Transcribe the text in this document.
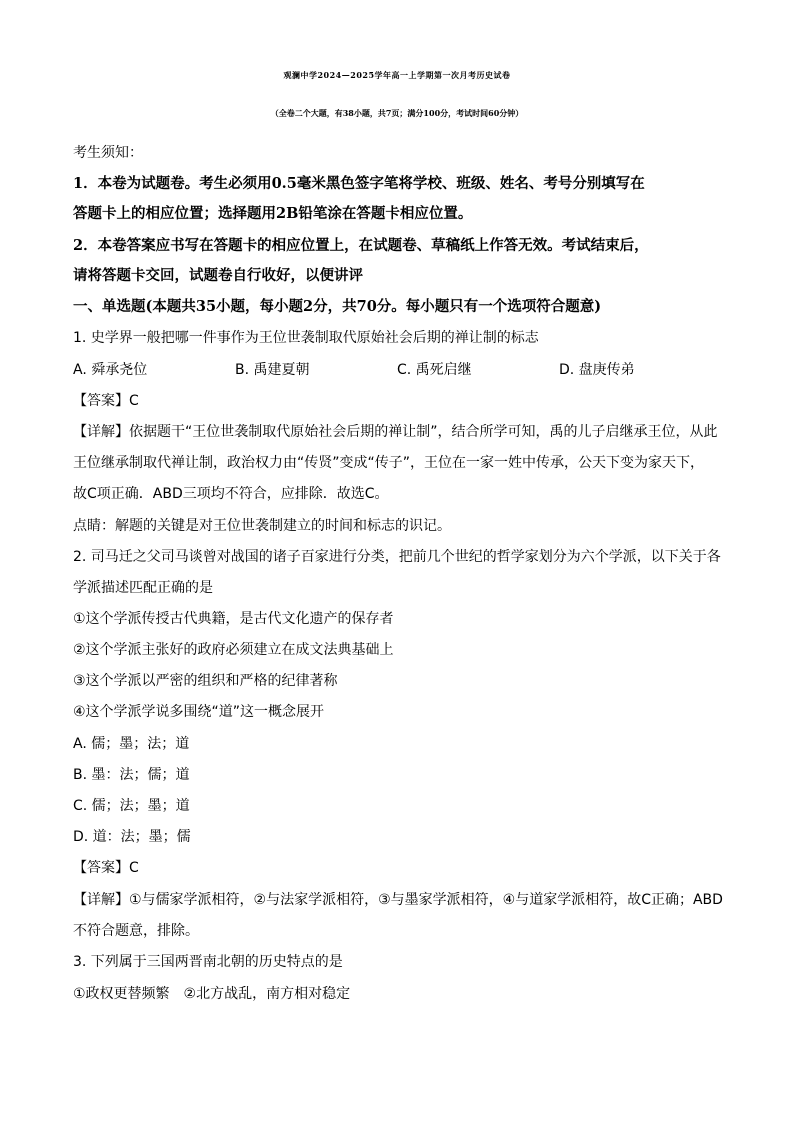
观澜中学2024—2025学年高一上学期第一次月考历史试卷
（全卷二个大题，有38小题，共7页；满分100分，考试时间60分钟）
考生须知：
1．本卷为试题卷。考生必须用0.5毫米黑色签字笔将学校、班级、姓名、考号分别填写在
答题卡上的相应位置；选择题用2B铅笔涂在答题卡相应位置。
2．本卷答案应书写在答题卡的相应位置上，在试题卷、草稿纸上作答无效。考试结束后，
请将答题卡交回，试题卷自行收好，以便讲评
一、单选题(本题共35小题，每小题2分，共70分。每小题只有一个选项符合题意)
1. 史学界一般把哪一件事作为王位世袭制取代原始社会后期的禅让制的标志
A. 舜承尧位	B. 禹建夏朝	C. 禹死启继	D. 盘庚传弟
【答案】C
【详解】依据题干“王位世袭制取代原始社会后期的禅让制”，结合所学可知，禹的儿子启继承王位，从此
王位继承制取代禅让制，政治权力由“传贤”变成“传子”，王位在一家一姓中传承，公天下变为家天下，
故C项正确．ABD三项均不符合，应排除．故选C。
点睛：解题的关键是对王位世袭制建立的时间和标志的识记。
2. 司马迁之父司马谈曾对战国的诸子百家进行分类，把前几个世纪的哲学家划分为六个学派，以下关于各
学派描述匹配正确的是
①这个学派传授古代典籍，是古代文化遗产的保存者
②这个学派主张好的政府必须建立在成文法典基础上
③这个学派以严密的组织和严格的纪律著称
④这个学派学说多围绕“道”这一概念展开
A. 儒；墨；法；道
B. 墨：法；儒；道
C. 儒；法；墨；道
D. 道：法；墨；儒
【答案】C
【详解】①与儒家学派相符，②与法家学派相符，③与墨家学派相符，④与道家学派相符，故C正确；ABD
不符合题意，排除。
3. 下列属于三国两晋南北朝的历史特点的是
①政权更替频繁　②北方战乱，南方相对稳定
